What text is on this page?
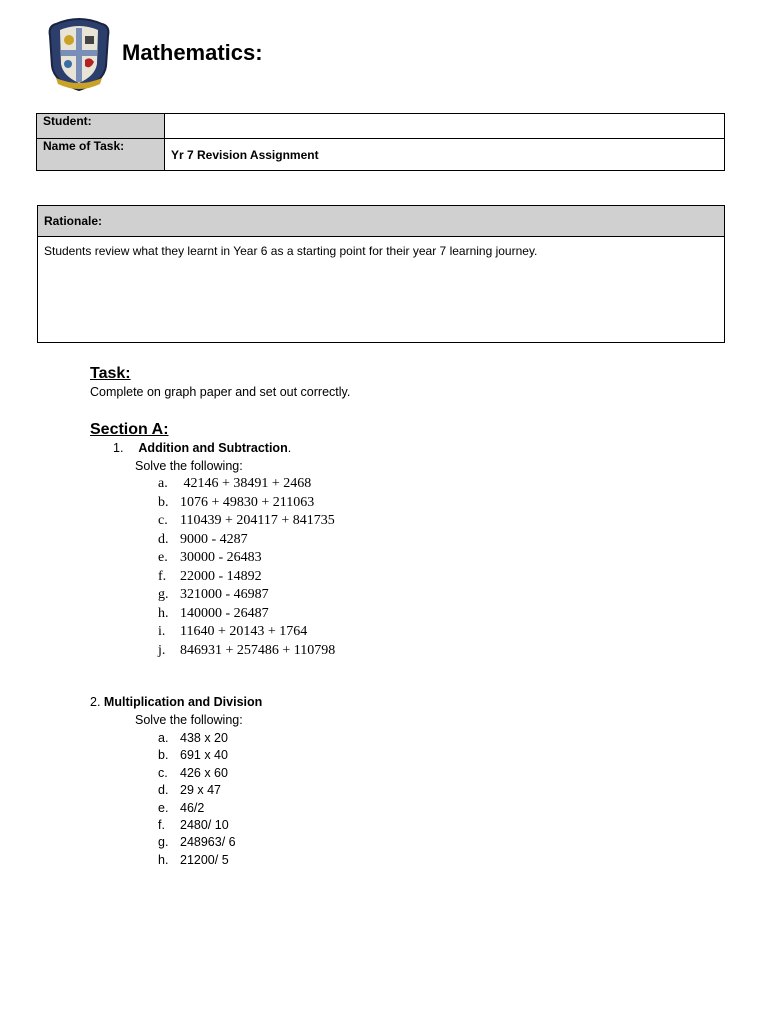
Mathematics:
Student:	
Name of Task:	Yr 7 Revision Assignment
Rationale:
Students review what they learnt in Year 6 as a starting point for their year 7 learning journey.
Task:
Complete on graph paper and set out correctly.
Section A:
1. Addition and Subtraction.
Solve the following:
a. 42146 + 38491 + 2468
b. 1076 + 49830 + 211063
c. 110439 + 204117 + 841735
d. 9000 - 4287
e. 30000 - 26483
f. 22000 - 14892
g. 321000 - 46987
h. 140000 - 26487
i. 11640 + 20143 + 1764
j. 846931 + 257486 + 110798
2. Multiplication and Division
Solve the following:
a. 438 x 20
b. 691 x 40
c. 426 x 60
d. 29 x 47
e. 46/2
f. 2480/ 10
g. 248963/ 6
h. 21200/ 5
